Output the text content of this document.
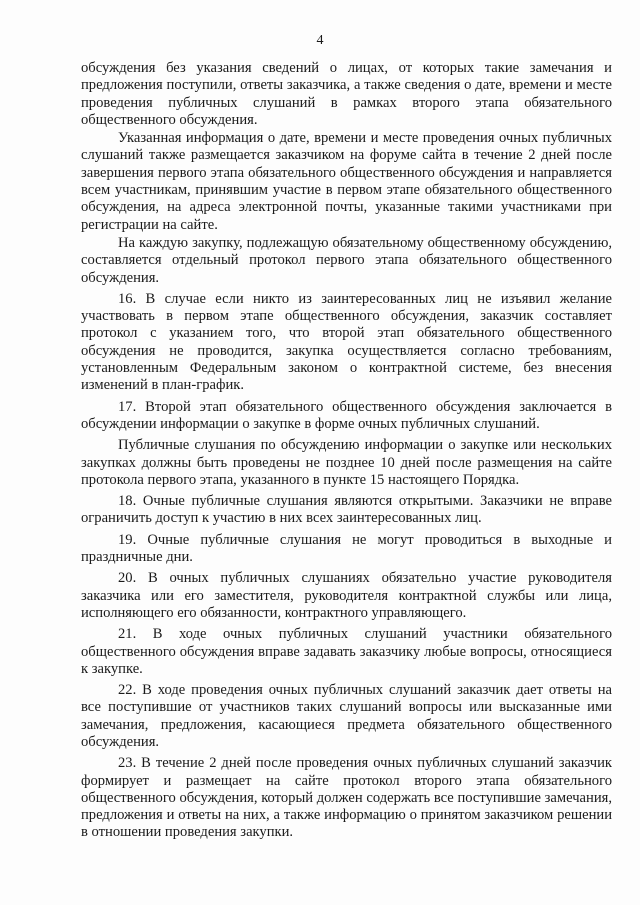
4

обсуждения без указания сведений о лицах, от которых такие замечания и предложения поступили, ответы заказчика, а также сведения о дате, времени и месте проведения публичных слушаний в рамках второго этапа обязательного общественного обсуждения.

Указанная информация о дате, времени и месте проведения очных публичных слушаний также размещается заказчиком на форуме сайта в течение 2 дней после завершения первого этапа обязательного общественного обсуждения и направляется всем участникам, принявшим участие в первом этапе обязательного общественного обсуждения, на адреса электронной почты, указанные такими участниками при регистрации на сайте.

На каждую закупку, подлежащую обязательному общественному обсуждению, составляется отдельный протокол первого этапа обязательного общественного обсуждения.

16. В случае если никто из заинтересованных лиц не изъявил желание участвовать в первом этапе общественного обсуждения, заказчик составляет протокол с указанием того, что второй этап обязательного общественного обсуждения не проводится, закупка осуществляется согласно требованиям, установленным Федеральным законом о контрактной системе, без внесения изменений в план-график.

17. Второй этап обязательного общественного обсуждения заключается в обсуждении информации о закупке в форме очных публичных слушаний.

Публичные слушания по обсуждению информации о закупке или нескольких закупках должны быть проведены не позднее 10 дней после размещения на сайте протокола первого этапа, указанного в пункте 15 настоящего Порядка.

18. Очные публичные слушания являются открытыми. Заказчики не вправе ограничить доступ к участию в них всех заинтересованных лиц.

19. Очные публичные слушания не могут проводиться в выходные и праздничные дни.

20. В очных публичных слушаниях обязательно участие руководителя заказчика или его заместителя, руководителя контрактной службы или лица, исполняющего его обязанности, контрактного управляющего.

21. В ходе очных публичных слушаний участники обязательного общественного обсуждения вправе задавать заказчику любые вопросы, относящиеся к закупке.

22. В ходе проведения очных публичных слушаний заказчик дает ответы на все поступившие от участников таких слушаний вопросы или высказанные ими замечания, предложения, касающиеся предмета обязательного общественного обсуждения.

23. В течение 2 дней после проведения очных публичных слушаний заказчик формирует и размещает на сайте протокол второго этапа обязательного общественного обсуждения, который должен содержать все поступившие замечания, предложения и ответы на них, а также информацию о принятом заказчиком решении в отношении проведения закупки.
